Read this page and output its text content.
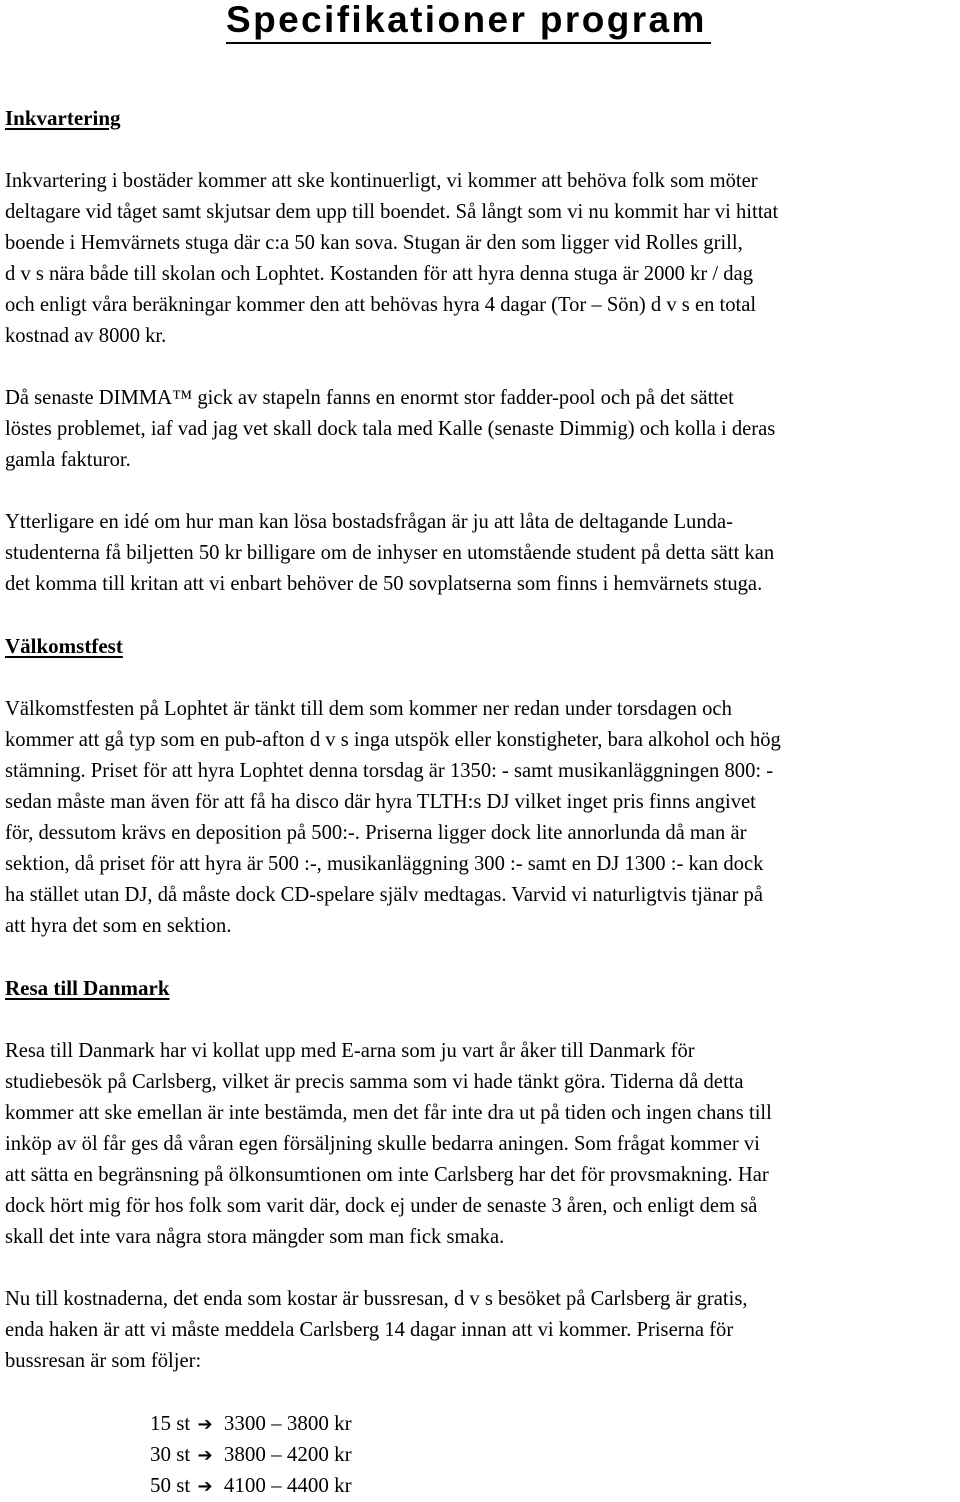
Specifikationer program
Inkvartering

Inkvartering i bostäder kommer att ske kontinuerligt, vi kommer att behöva folk som möter
deltagare vid tåget samt skjutsar dem upp till boendet. Så långt som vi nu kommit har vi hittat
boende i Hemvärnets stuga där c:a 50 kan sova. Stugan är den som ligger vid Rolles grill,
d v s nära både till skolan och Lophtet. Kostanden för att hyra denna stuga är 2000 kr / dag
och enligt våra beräkningar kommer den att behövas hyra 4 dagar (Tor – Sön) d v s en total
kostnad av 8000 kr.

Då senaste DIMMA™ gick av stapeln fanns en enormt stor fadder-pool och på det sättet
löstes problemet, iaf vad jag vet skall dock tala med Kalle (senaste Dimmig) och kolla i deras
gamla fakturor.

Ytterligare en idé om hur man kan lösa bostadsfrågan är ju att låta de deltagande Lunda-
studenterna få biljetten 50 kr billigare om de inhyser en utomstående student på detta sätt kan
det komma till kritan att vi enbart behöver de 50 sovplatserna som finns i hemvärnets stuga.

Välkomstfest

Välkomstfesten på Lophtet är tänkt till dem som kommer ner redan under torsdagen och
kommer att gå typ som en pub-afton d v s inga utspök eller konstigheter, bara alkohol och hög
stämning. Priset för att hyra Lophtet denna torsdag är 1350: - samt musikanläggningen 800: -
sedan måste man även för att få ha disco där hyra TLTH:s DJ vilket inget pris finns angivet
för, dessutom krävs en deposition på 500:-. Priserna ligger dock lite annorlunda då man är
sektion, då priset för att hyra är 500 :-, musikanläggning 300 :- samt en DJ 1300 :- kan dock
ha stället utan DJ, då måste dock CD-spelare själv medtagas. Varvid vi naturligtvis tjänar på
att hyra det som en sektion.

Resa till Danmark

Resa till Danmark har vi kollat upp med E-arna som ju vart år åker till Danmark för
studiebesök på Carlsberg, vilket är precis samma som vi hade tänkt göra. Tiderna då detta
kommer att ske emellan är inte bestämda, men det får inte dra ut på tiden och ingen chans till
inköp av öl får ges då våran egen försäljning skulle bedarra aningen. Som frågat kommer vi
att sätta en begränsning på ölkonsumtionen om inte Carlsberg har det för provsmakning. Har
dock hört mig för hos folk som varit där, dock ej under de senaste 3 åren, och enligt dem så
skall det inte vara några stora mängder som man fick smaka.

Nu till kostnaderna, det enda som kostar är bussresan, d v s besöket på Carlsberg är gratis,
enda haken är att vi måste meddela Carlsberg 14 dagar innan att vi kommer. Priserna för
bussresan är som följer:

15 st ➔ 3300 – 3800 kr
30 st ➔ 3800 – 4200 kr
50 st ➔ 4100 – 4400 kr
